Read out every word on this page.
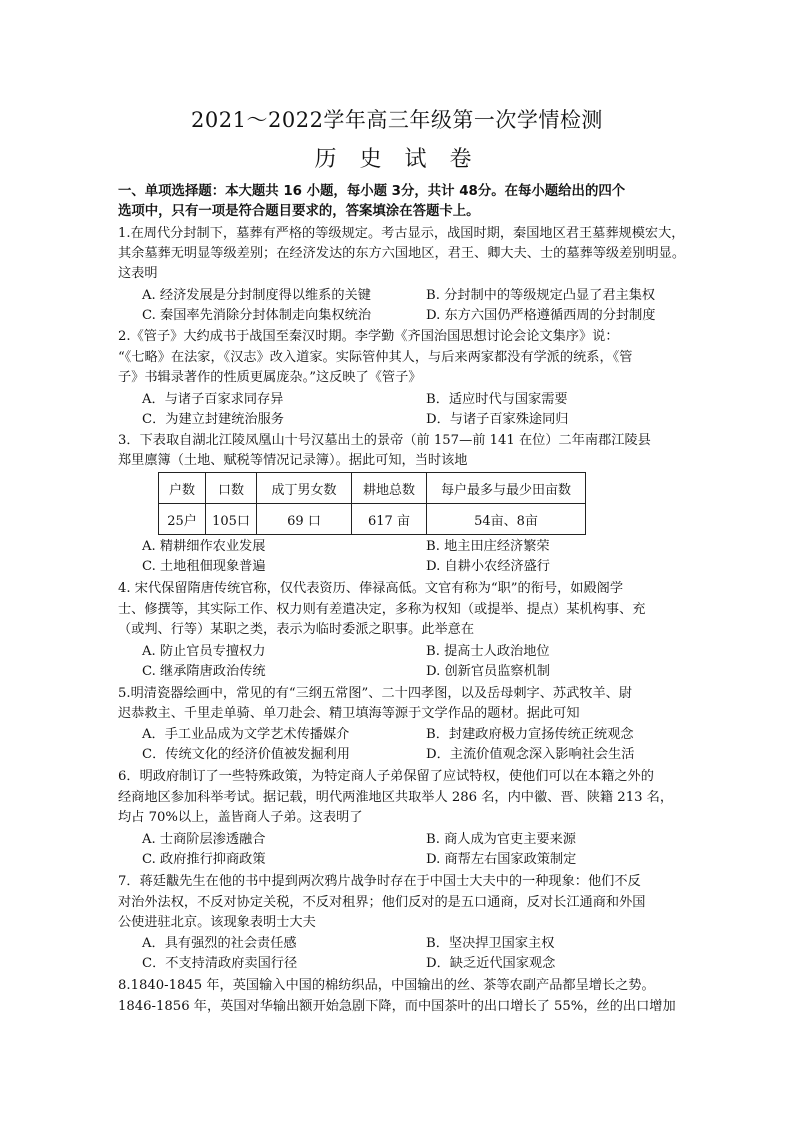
2021～2022学年高三年级第一次学情检测
历 史 试 卷
一、单项选择题：本大题共 16 小题，每小题 3分，共计 48分。在每小题给出的四个
选项中，只有一项是符合题目要求的，答案填涂在答题卡上。
1.在周代分封制下，墓葬有严格的等级规定。考古显示，战国时期，秦国地区君王墓葬规模宏大，
其余墓葬无明显等级差别；在经济发达的东方六国地区，君王、卿大夫、士的墓葬等级差别明显。
这表明
A. 经济发展是分封制度得以维系的关键	B. 分封制中的等级规定凸显了君主集权
C. 秦国率先消除分封体制走向集权统治	D. 东方六国仍严格遵循西周的分封制度
2.《管子》大约成书于战国至秦汉时期。李学勤《齐国治国思想讨论会论文集序》说：
“《七略》在法家，《汉志》改入道家。实际管仲其人，与后来两家都没有学派的统系，《管
子》书辑录著作的性质更属庞杂。”这反映了《管子》
A．与诸子百家求同存异	B．适应时代与国家需要
C．为建立封建统治服务	D．与诸子百家殊途同归
3．下表取自湖北江陵凤凰山十号汉墓出土的景帝（前 157—前 141 在位）二年南郡江陵县
郑里廪簿（土地、赋税等情况记录簿）。据此可知，当时该地
户数	口数	成丁男女数	耕地总数	每户最多与最少田亩数
25户	105口	69 口	617 亩	54亩、8亩
A. 精耕细作农业发展	B. 地主田庄经济繁荣
C. 土地租佃现象普遍	D. 自耕小农经济盛行
4. 宋代保留隋唐传统官称，仅代表资历、俸禄高低。文官有称为“职”的衔号，如殿阁学
士、修撰等，其实际工作、权力则有差遣决定，多称为权知（或提举、提点）某机构事、充
（或判、行等）某职之类，表示为临时委派之职事。此举意在
A. 防止官员专擅权力	B. 提高士人政治地位
C. 继承隋唐政治传统	D. 创新官员监察机制
5.明清瓷器绘画中，常见的有“三纲五常图”、二十四孝图，以及岳母刺字、苏武牧羊、尉
迟恭救主、千里走单骑、单刀赴会、精卫填海等源于文学作品的题材。据此可知
A．手工业品成为文学艺术传播媒介	B．封建政府极力宣扬传统正统观念
C．传统文化的经济价值被发掘利用	D．主流价值观念深入影响社会生活
6．明政府制订了一些特殊政策，为特定商人子弟保留了应试特权，使他们可以在本籍之外的
经商地区参加科举考试。据记载，明代两淮地区共取举人 286 名，内中徽、晋、陕籍 213 名，
均占 70%以上，盖皆商人子弟。这表明了
A. 士商阶层渗透融合	B. 商人成为官吏主要来源
C. 政府推行抑商政策	D. 商帮左右国家政策制定
7．蒋廷黻先生在他的书中提到两次鸦片战争时存在于中国士大夫中的一种现象：他们不反
对治外法权，不反对协定关税，不反对租界；他们反对的是五口通商，反对长江通商和外国
公使进驻北京。该现象表明士大夫
A．具有强烈的社会责任感	B．坚决捍卫国家主权
C．不支持清政府卖国行径	D．缺乏近代国家观念
8.1840-1845 年，英国输入中国的棉纺织品，中国输出的丝、茶等农副产品都呈增长之势。
1846-1856 年，英国对华输出额开始急剧下降，而中国茶叶的出口增长了 55%，丝的出口增加
